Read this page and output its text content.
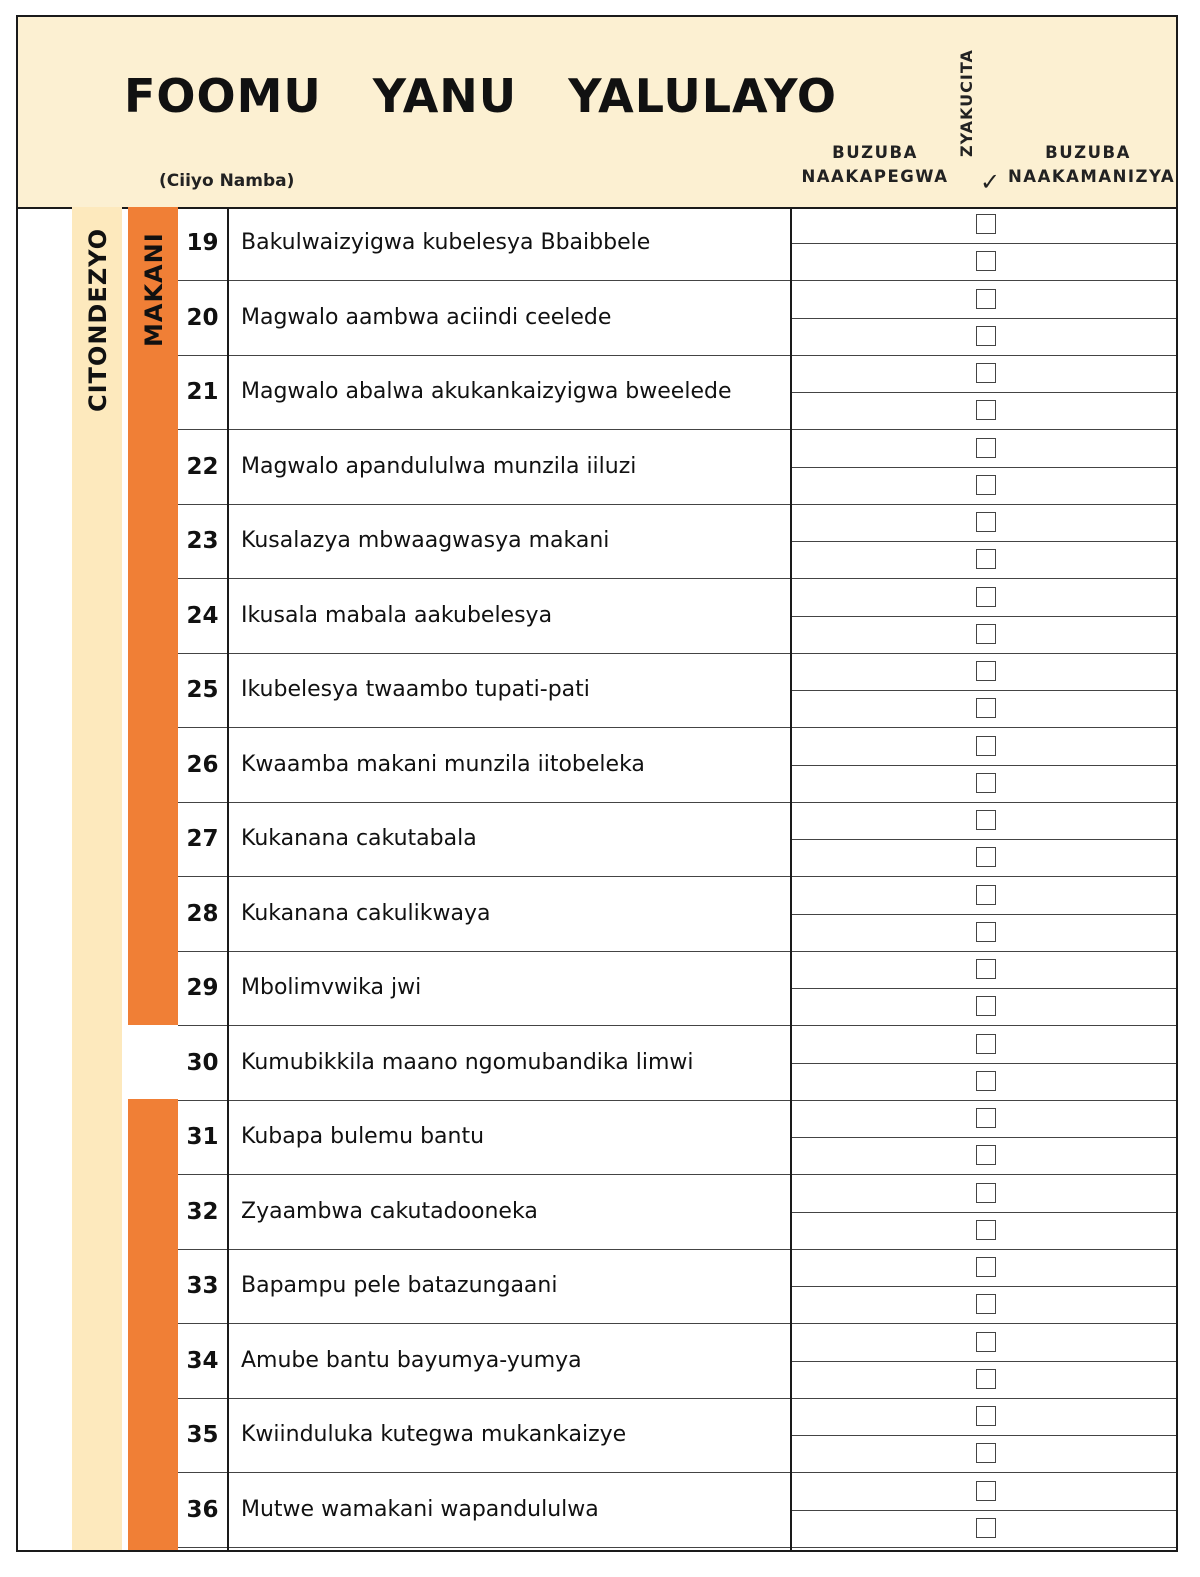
FOOMU   YANU   YALULAYO
(Ciiyo Namba)
BUZUBA NAAKAPEGWA
ZYAKUCITA
✓
BUZUBA NAAKAMANIZYA
CITONDEZYO MAKANI 19	Bakulwaizyigwa kubelesya Bbaibbele
20	Magwalo aambwa aciindi ceelede
21	Magwalo abalwa akukankaizyigwa bweelede
22	Magwalo apandululwa munzila iiluzi
23	Kusalazya mbwaagwasya makani
24	Ikusala mabala aakubelesya
25	Ikubelesya twaambo tupati-pati
26	Kwaamba makani munzila iitobeleka
27	Kukanana cakutabala
28	Kukanana cakulikwaya
29	Mbolimvwika jwi
30	Kumubikkila maano ngomubandika limwi
31	Kubapa bulemu bantu
32	Zyaambwa cakutadooneka
33	Bapampu pele batazungaani
34	Amube bantu bayumya-yumya
35	Kwiinduluka kutegwa mukankaizye
36	Mutwe wamakani wapandululwa
